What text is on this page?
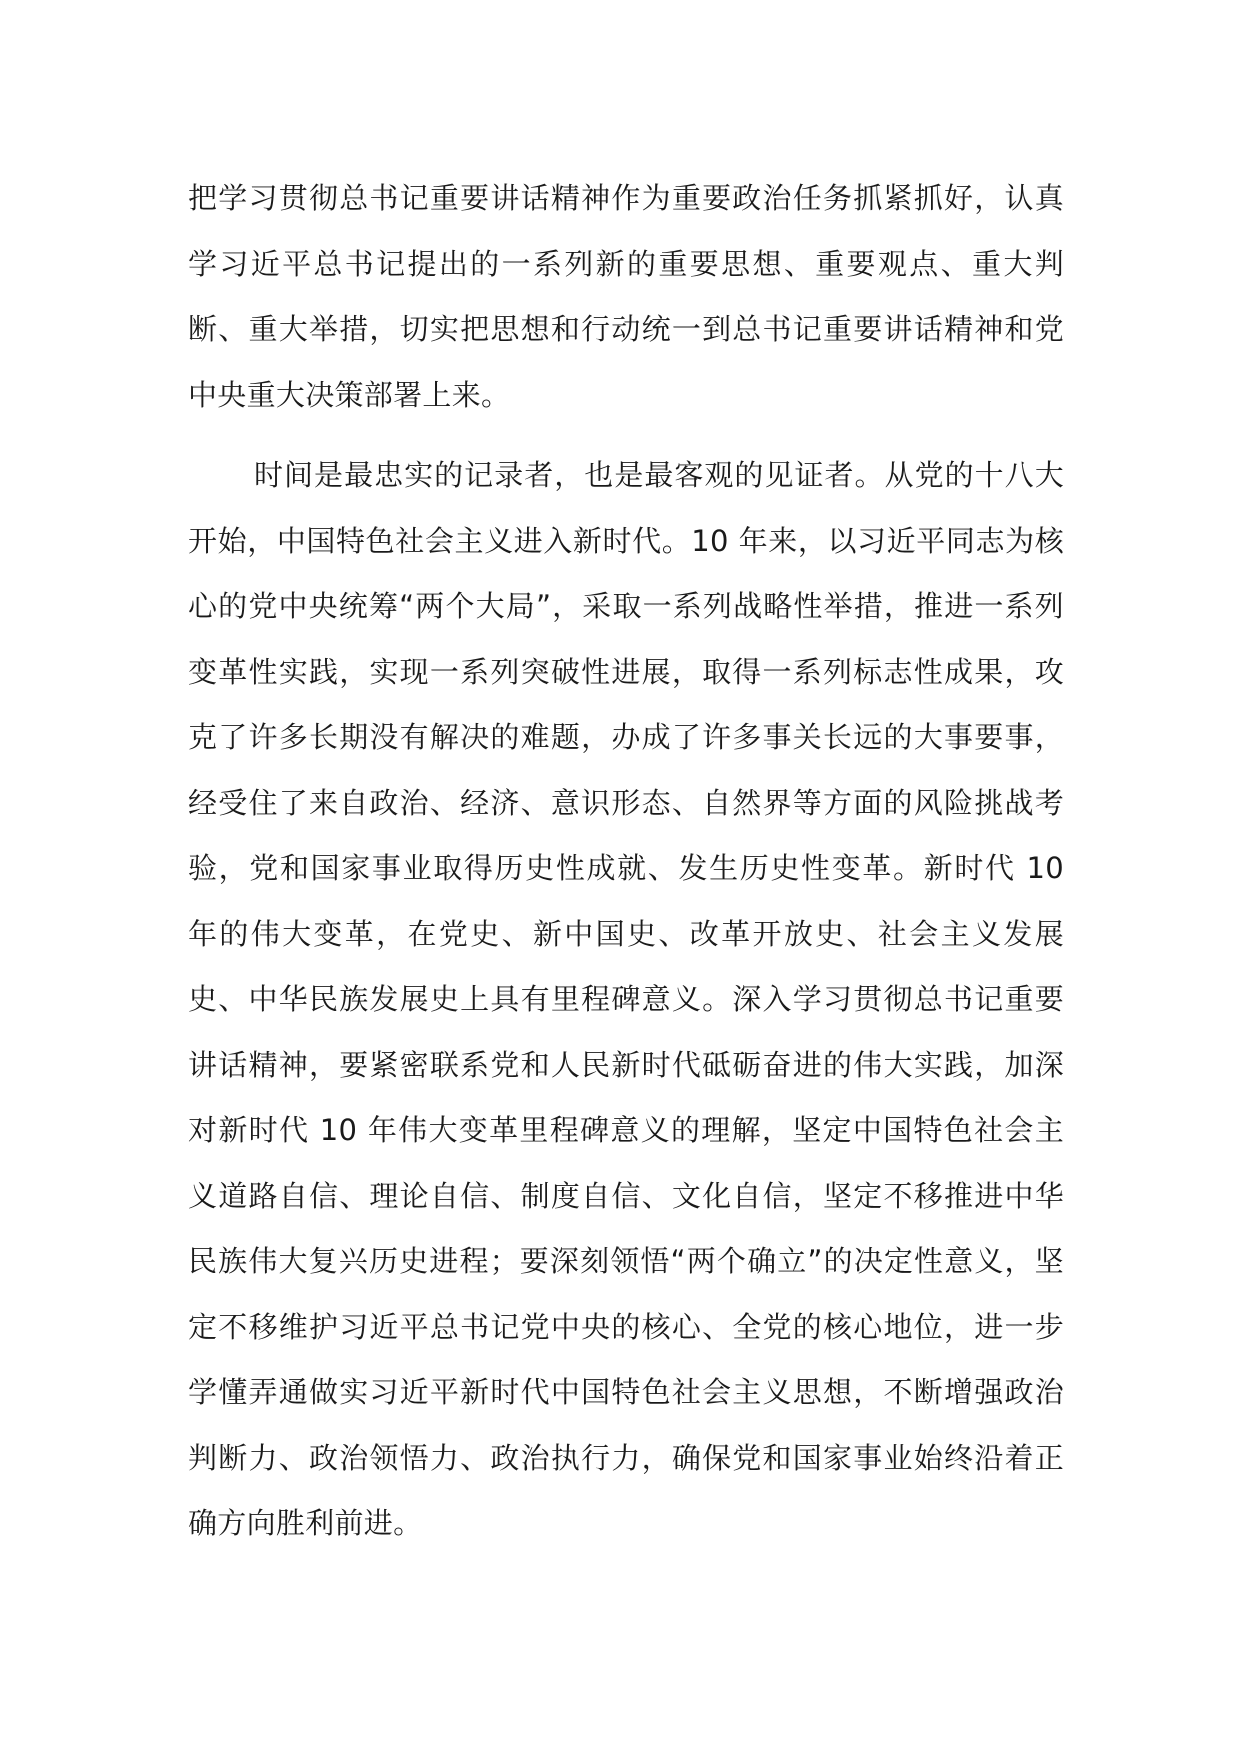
把学习贯彻总书记重要讲话精神作为重要政治任务抓紧抓好，认真学习近平总书记提出的一系列新的重要思想、重要观点、重大判断、重大举措，切实把思想和行动统一到总书记重要讲话精神和党中央重大决策部署上来。

时间是最忠实的记录者，也是最客观的见证者。从党的十八大开始，中国特色社会主义进入新时代。10 年来，以习近平同志为核心的党中央统筹“两个大局”，采取一系列战略性举措，推进一系列变革性实践，实现一系列突破性进展，取得一系列标志性成果，攻克了许多长期没有解决的难题，办成了许多事关长远的大事要事，经受住了来自政治、经济、意识形态、自然界等方面的风险挑战考验，党和国家事业取得历史性成就、发生历史性变革。新时代 10 年的伟大变革，在党史、新中国史、改革开放史、社会主义发展史、中华民族发展史上具有里程碑意义。深入学习贯彻总书记重要讲话精神，要紧密联系党和人民新时代砥砺奋进的伟大实践，加深对新时代 10 年伟大变革里程碑意义的理解，坚定中国特色社会主义道路自信、理论自信、制度自信、文化自信，坚定不移推进中华民族伟大复兴历史进程；要深刻领悟“两个确立”的决定性意义，坚定不移维护习近平总书记党中央的核心、全党的核心地位，进一步学懂弄通做实习近平新时代中国特色社会主义思想，不断增强政治判断力、政治领悟力、政治执行力，确保党和国家事业始终沿着正确方向胜利前进。
